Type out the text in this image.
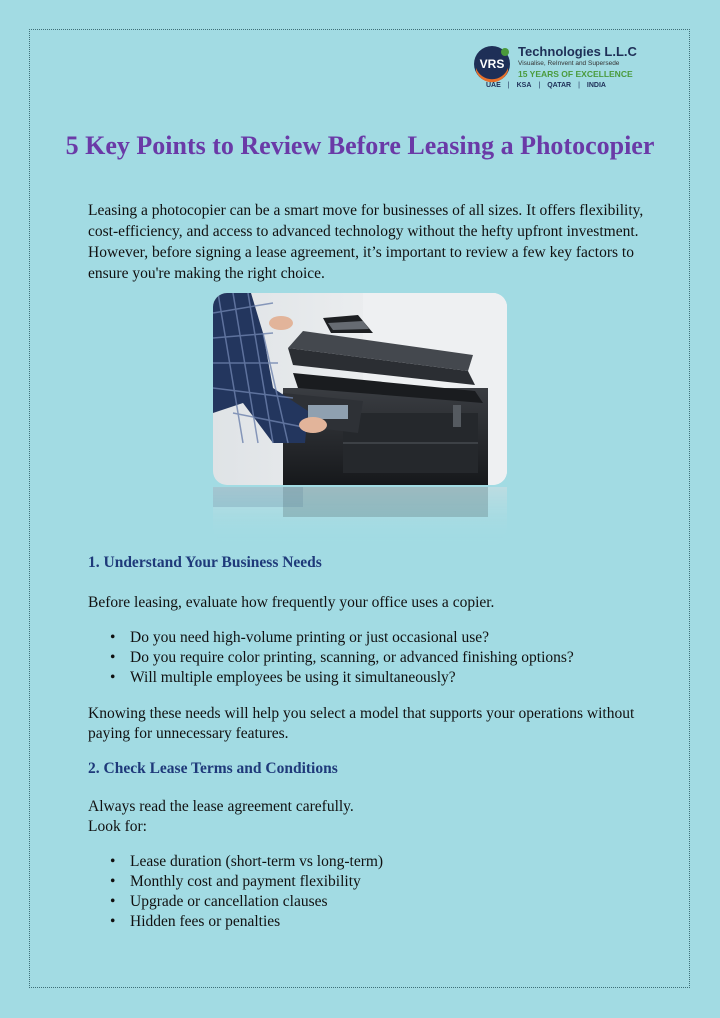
VRS
Technologies L.L.C
Visualise, ReInvent and Supersede
15 YEARS OF EXCELLENCE
UAE | KSA | QATAR | INDIA
5 Key Points to Review Before Leasing a Photocopier

Leasing a photocopier can be a smart move for businesses of all sizes. It offers flexibility, cost-efficiency, and access to advanced technology without the hefty upfront investment. However, before signing a lease agreement, it’s important to review a few key factors to ensure you're making the right choice.

1. Understand Your Business Needs

Before leasing, evaluate how frequently your office uses a copier.

• Do you need high-volume printing or just occasional use?
• Do you require color printing, scanning, or advanced finishing options?
• Will multiple employees be using it simultaneously?

Knowing these needs will help you select a model that supports your operations without paying for unnecessary features.

2. Check Lease Terms and Conditions

Always read the lease agreement carefully.

Look for:

• Lease duration (short-term vs long-term)
• Monthly cost and payment flexibility
• Upgrade or cancellation clauses
• Hidden fees or penalties
